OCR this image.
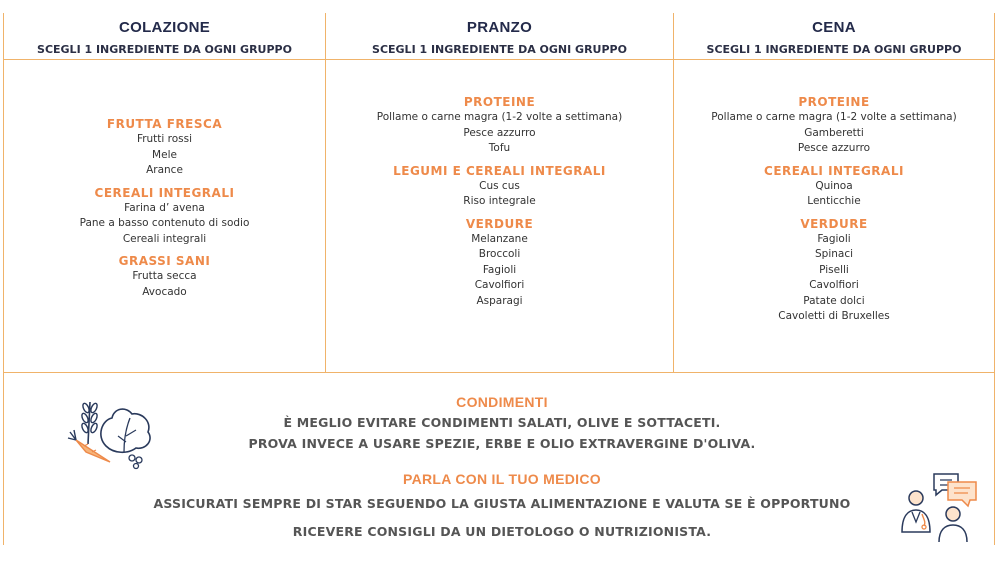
COLAZIONE
SCEGLI 1 INGREDIENTE DA OGNI GRUPPO
FRUTTA FRESCA
Frutti rossi
Mele
Arance
CEREALI INTEGRALI
Farina d’ avena
Pane a basso contenuto di sodio
Cereali integrali
GRASSI SANI
Frutta secca
Avocado
PRANZO
SCEGLI 1 INGREDIENTE DA OGNI GRUPPO
PROTEINE
Pollame o carne magra (1-2 volte a settimana)
Pesce azzurro
Tofu
LEGUMI E CEREALI INTEGRALI
Cus cus
Riso integrale
VERDURE
Melanzane
Broccoli
Fagioli
Cavolfiori
Asparagi
CENA
SCEGLI 1 INGREDIENTE DA OGNI GRUPPO
PROTEINE
Pollame o carne magra (1-2 volte a settimana)
Gamberetti
Pesce azzurro
CEREALI INTEGRALI
Quinoa
Lenticchie
VERDURE
Fagioli
Spinaci
Piselli
Cavolfiori
Patate dolci
Cavoletti di Bruxelles
CONDIMENTI
È MEGLIO EVITARE CONDIMENTI SALATI, OLIVE E SOTTACETI.
PROVA INVECE A USARE SPEZIE, ERBE E OLIO EXTRAVERGINE D'OLIVA.
PARLA CON IL TUO MEDICO
ASSICURATI SEMPRE DI STAR SEGUENDO LA GIUSTA ALIMENTAZIONE E VALUTA SE È OPPORTUNO
RICEVERE CONSIGLI DA UN DIETOLOGO O NUTRIZIONISTA.
